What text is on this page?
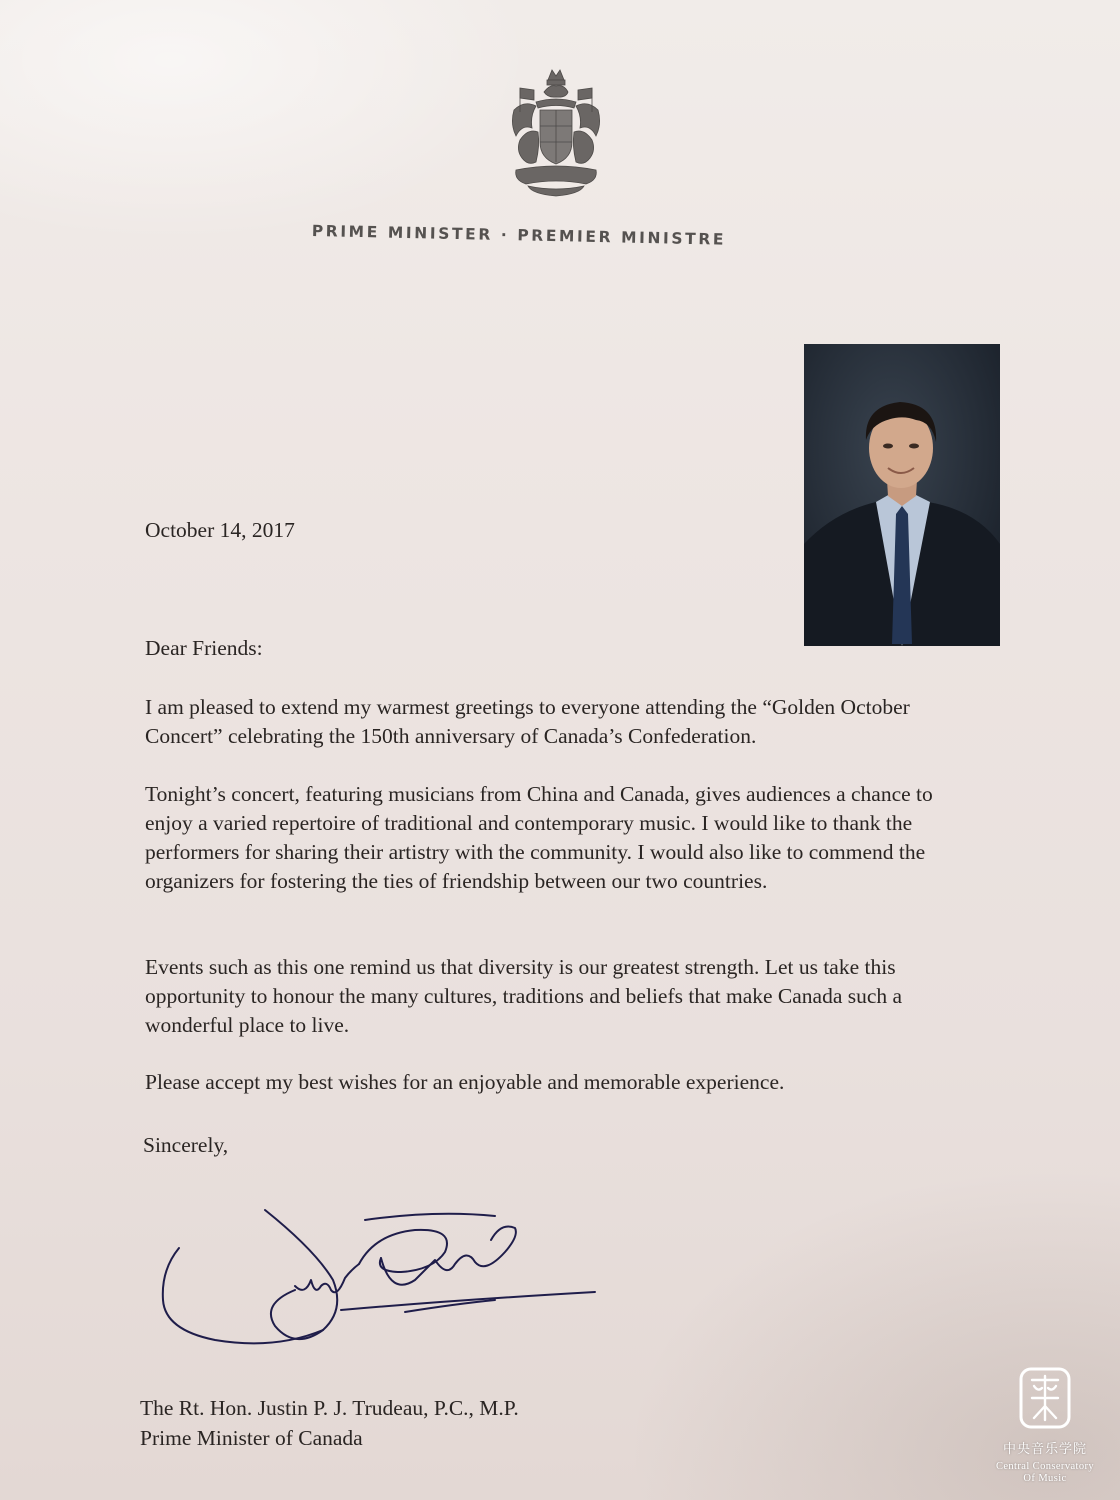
PRIME MINISTER · PREMIER MINISTRE
October 14, 2017
Dear Friends:
I am pleased to extend my warmest greetings to everyone attending the “Golden October Concert” celebrating the 150th anniversary of Canada’s Confederation.
Tonight’s concert, featuring musicians from China and Canada, gives audiences a chance to enjoy a varied repertoire of traditional and contemporary music. I would like to thank the performers for sharing their artistry with the community. I would also like to commend the organizers for fostering the ties of friendship between our two countries.
Events such as this one remind us that diversity is our greatest strength. Let us take this opportunity to honour the many cultures, traditions and beliefs that make Canada such a wonderful place to live.
Please accept my best wishes for an enjoyable and memorable experience.
Sincerely,
The Rt. Hon. Justin P. J. Trudeau, P.C., M.P.
Prime Minister of Canada	中央音乐学院
Central Conservatory
Of Music
